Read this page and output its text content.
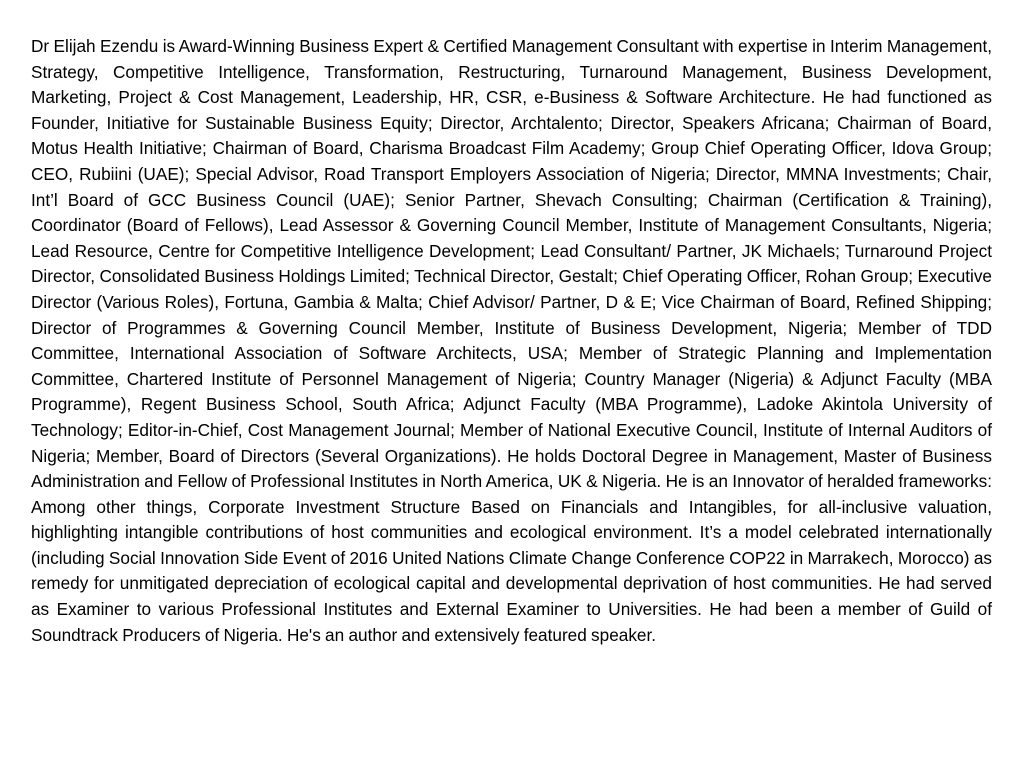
Dr Elijah Ezendu is Award-Winning Business Expert & Certified Management Consultant with expertise in Interim Management, Strategy, Competitive Intelligence, Transformation, Restructuring, Turnaround Management, Business Development, Marketing, Project & Cost Management, Leadership, HR, CSR, e-Business & Software Architecture. He had functioned as Founder, Initiative for Sustainable Business Equity; Director, Archtalento; Director, Speakers Africana; Chairman of Board, Motus Health Initiative; Chairman of Board, Charisma Broadcast Film Academy; Group Chief Operating Officer, Idova Group; CEO, Rubiini (UAE); Special Advisor, Road Transport Employers Association of Nigeria; Director, MMNA Investments; Chair, Int’l Board of GCC Business Council (UAE); Senior Partner, Shevach Consulting; Chairman (Certification & Training), Coordinator (Board of Fellows), Lead Assessor & Governing Council Member, Institute of Management Consultants, Nigeria; Lead Resource, Centre for Competitive Intelligence Development; Lead Consultant/ Partner, JK Michaels; Turnaround Project Director, Consolidated Business Holdings Limited; Technical Director, Gestalt; Chief Operating Officer, Rohan Group; Executive Director (Various Roles), Fortuna, Gambia & Malta; Chief Advisor/ Partner, D & E; Vice Chairman of Board, Refined Shipping; Director of Programmes & Governing Council Member, Institute of Business Development, Nigeria; Member of TDD Committee, International Association of Software Architects, USA; Member of Strategic Planning and Implementation Committee, Chartered Institute of Personnel Management of Nigeria; Country Manager (Nigeria) & Adjunct Faculty (MBA Programme), Regent Business School, South Africa; Adjunct Faculty (MBA Programme), Ladoke Akintola University of Technology; Editor-in-Chief, Cost Management Journal; Member of National Executive Council, Institute of Internal Auditors of Nigeria; Member, Board of Directors (Several Organizations). He holds Doctoral Degree in Management, Master of Business Administration and Fellow of Professional Institutes in North America, UK & Nigeria. He is an Innovator of heralded frameworks: Among other things, Corporate Investment Structure Based on Financials and Intangibles, for all-inclusive valuation, highlighting intangible contributions of host communities and ecological environment. It’s a model celebrated internationally (including Social Innovation Side Event of 2016 United Nations Climate Change Conference COP22 in Marrakech, Morocco) as remedy for unmitigated depreciation of ecological capital and developmental deprivation of host communities. He had served as Examiner to various Professional Institutes and External Examiner to Universities. He had been a member of Guild of Soundtrack Producers of Nigeria. He's an author and extensively featured speaker.
